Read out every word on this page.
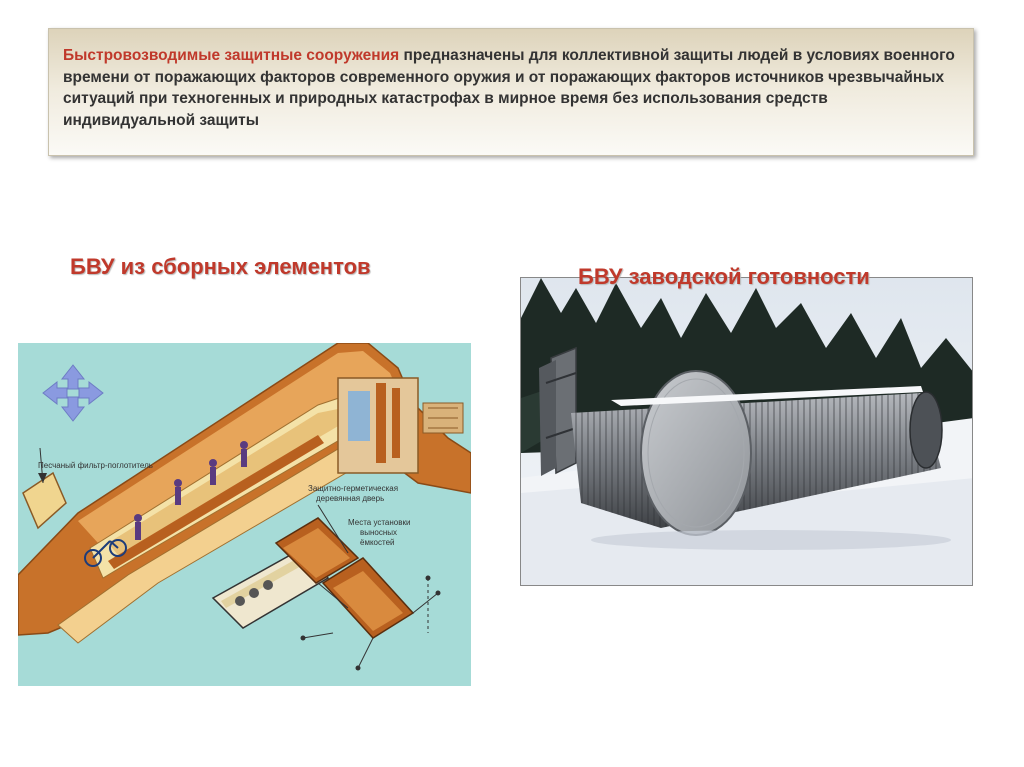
Быстровозводимые защитные сооружения предназначены для коллективной защиты людей в условиях военного времени от поражающих факторов современного оружия и от поражающих факторов источников чрезвычайных ситуаций при техногенных и природных катастрофах в мирное время без использования средств индивидуальной защиты
БВУ из сборных элементов	БВУ заводской готовности
Песчаный фильтр-поглотитель
Защитно-герметическая
деревянная дверь
Места установки
выносных
ёмкостей
